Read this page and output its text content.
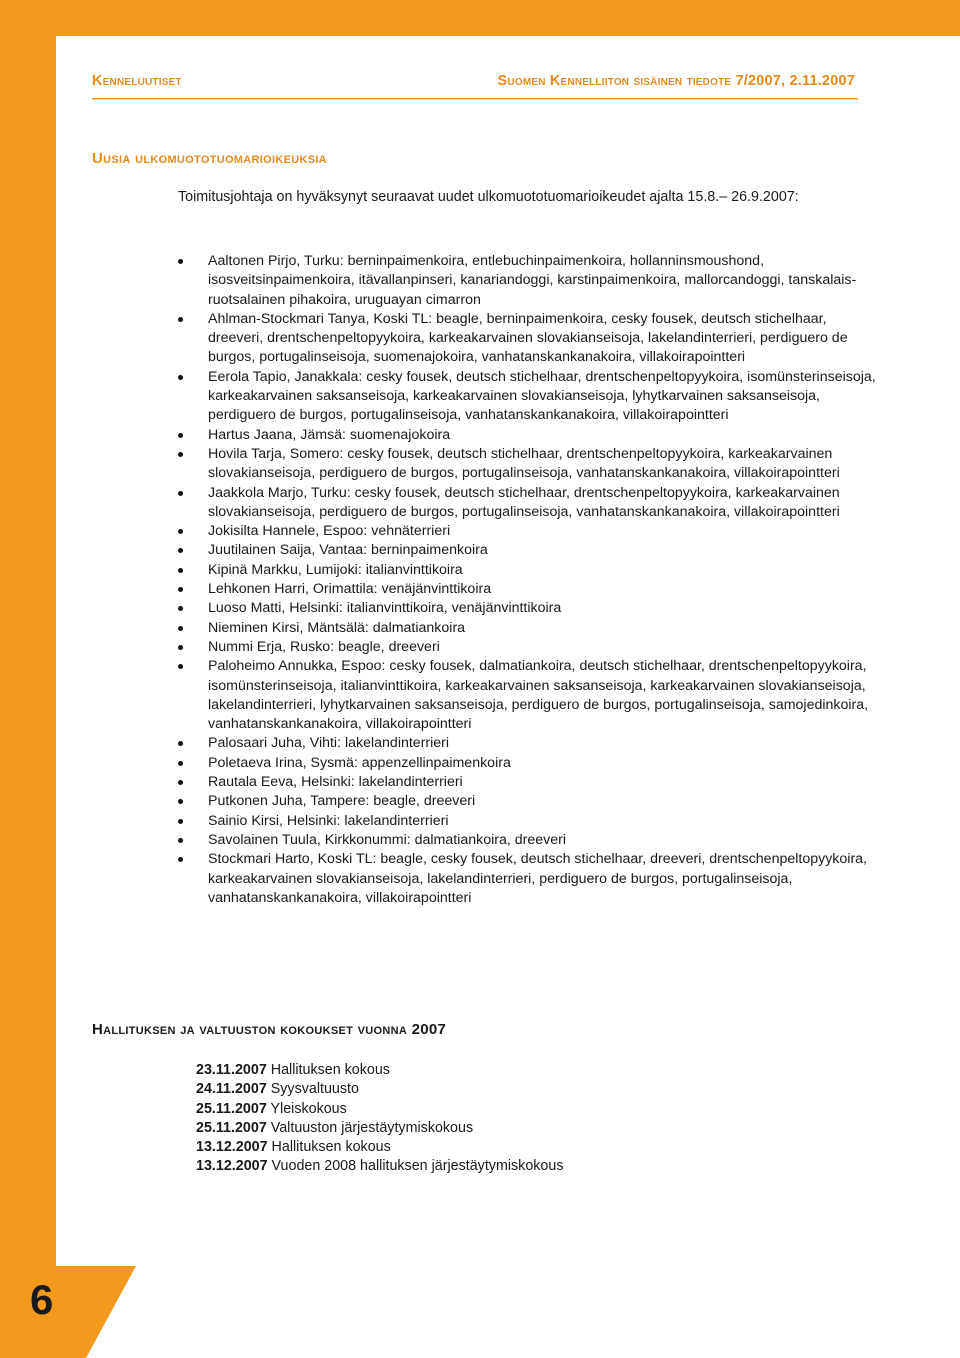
Kenneluutiset	Suomen Kennelliiton sisäinen tiedote 7/2007, 2.11.2007
Uusia ulkomuototuomarioikeuksia

Toimitusjohtaja on hyväksynyt seuraavat uudet ulkomuototuomarioikeudet ajalta 15.8.– 26.9.2007:

Aaltonen Pirjo, Turku: berninpaimenkoira, entlebuchinpaimenkoira, hollanninsmoushond, isosveitsinpaimenkoira, itävallanpinseri, kanariandoggi, karstinpaimenkoira, mallorcandoggi, tanskalais-ruotsalainen pihakoira, uruguayan cimarron
Ahlman-Stockmari Tanya, Koski TL: beagle, berninpaimenkoira, cesky fousek, deutsch stichelhaar, dreeveri, drentschenpeltopyykoira, karkeakarvainen slovakianseisoja, lakelandinterrieri, perdiguero de burgos, portugalinseisoja, suomenajokoira, vanhatanskankanakoira, villakoirapointteri
Eerola Tapio, Janakkala: cesky fousek, deutsch stichelhaar, drentschenpeltopyykoira, isomünsterinseisoja, karkeakarvainen saksanseisoja, karkeakarvainen slovakianseisoja, lyhytkarvainen saksanseisoja, perdiguero de burgos, portugalinseisoja, vanhatanskankanakoira, villakoirapointteri
Hartus Jaana, Jämsä: suomenajokoira
Hovila Tarja, Somero: cesky fousek, deutsch stichelhaar, drentschenpeltopyykoira, karkeakarvainen slovakianseisoja, perdiguero de burgos, portugalinseisoja, vanhatanskankanakoira, villakoirapointteri
Jaakkola Marjo, Turku: cesky fousek, deutsch stichelhaar, drentschenpeltopyykoira, karkeakarvainen slovakianseisoja, perdiguero de burgos, portugalinseisoja, vanhatanskankanakoira, villakoirapointteri
Jokisilta Hannele, Espoo: vehnäterrieri
Juutilainen Saija, Vantaa: berninpaimenkoira
Kipinä Markku, Lumijoki: italianvinttikoira
Lehkonen Harri, Orimattila: venäjänvinttikoira
Luoso Matti, Helsinki: italianvinttikoira, venäjänvinttikoira
Nieminen Kirsi, Mäntsälä: dalmatiankoira
Nummi Erja, Rusko: beagle, dreeveri
Paloheimo Annukka, Espoo: cesky fousek, dalmatiankoira, deutsch stichelhaar, drentschenpeltopyykoira, isomünsterinseisoja, italianvinttikoira, karkeakarvainen saksanseisoja, karkeakarvainen slovakianseisoja, lakelandinterrieri, lyhytkarvainen saksanseisoja, perdiguero de burgos, portugalinseisoja, samojedinkoira, vanhatanskankanakoira, villakoirapointteri
Palosaari Juha, Vihti: lakelandinterrieri
Poletaeva Irina, Sysmä: appenzellinpaimenkoira
Rautala Eeva, Helsinki: lakelandinterrieri
Putkonen Juha, Tampere: beagle, dreeveri
Sainio Kirsi, Helsinki: lakelandinterrieri
Savolainen Tuula, Kirkkonummi: dalmatiankoira, dreeveri
Stockmari Harto, Koski TL: beagle, cesky fousek, deutsch stichelhaar, dreeveri, drentschenpeltopyykoira, karkeakarvainen slovakianseisoja, lakelandinterrieri, perdiguero de burgos, portugalinseisoja, vanhatanskankanakoira, villakoirapointteri
Hallituksen ja valtuuston kokoukset vuonna 2007
23.11.2007 Hallituksen kokous
24.11.2007 Syysvaltuusto
25.11.2007 Yleiskokous
25.11.2007 Valtuuston järjestäytymiskokous
13.12.2007 Hallituksen kokous
13.12.2007 Vuoden 2008 hallituksen järjestäytymiskokous
6
